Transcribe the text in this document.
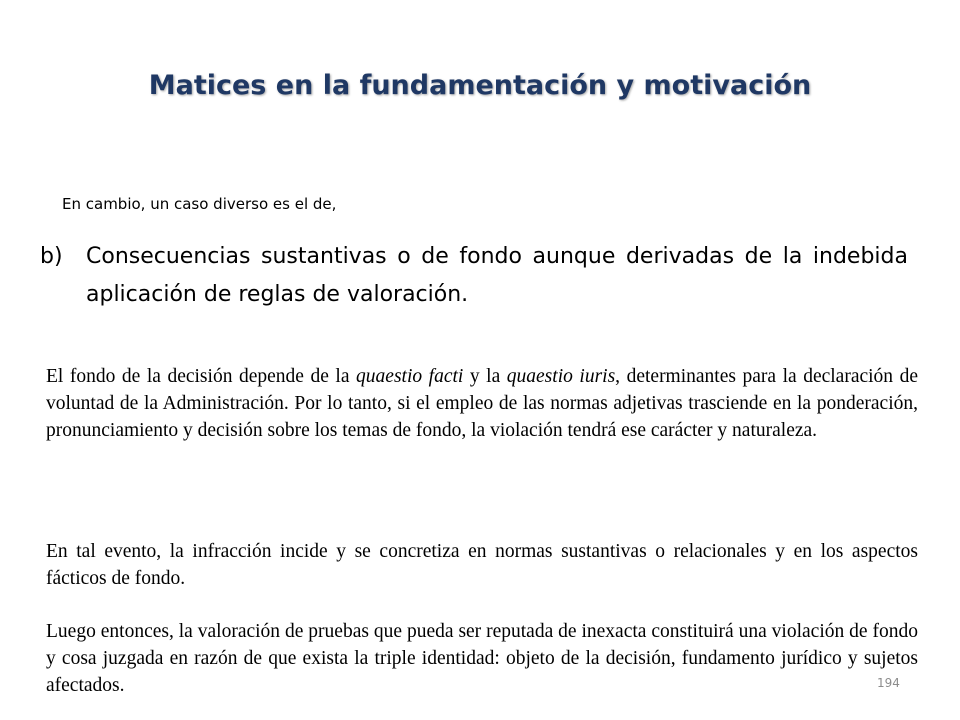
Matices en la fundamentación y motivación
En cambio, un caso diverso es el de,
b) Consecuencias sustantivas o de fondo aunque derivadas de la indebida aplicación de reglas de valoración.
El fondo de la decisión depende de la quaestio facti y la quaestio iuris, determinantes para la declaración de voluntad de la Administración. Por lo tanto, si el empleo de las normas adjetivas trasciende en la ponderación, pronunciamiento y decisión sobre los temas de fondo, la violación tendrá ese carácter y naturaleza.
En tal evento, la infracción incide y se concretiza en normas sustantivas o relacionales y en los aspectos fácticos de fondo.
Luego entonces, la valoración de pruebas que pueda ser reputada de inexacta constituirá una violación de fondo y cosa juzgada en razón de que exista la triple identidad: objeto de la decisión, fundamento jurídico y sujetos afectados.	194
